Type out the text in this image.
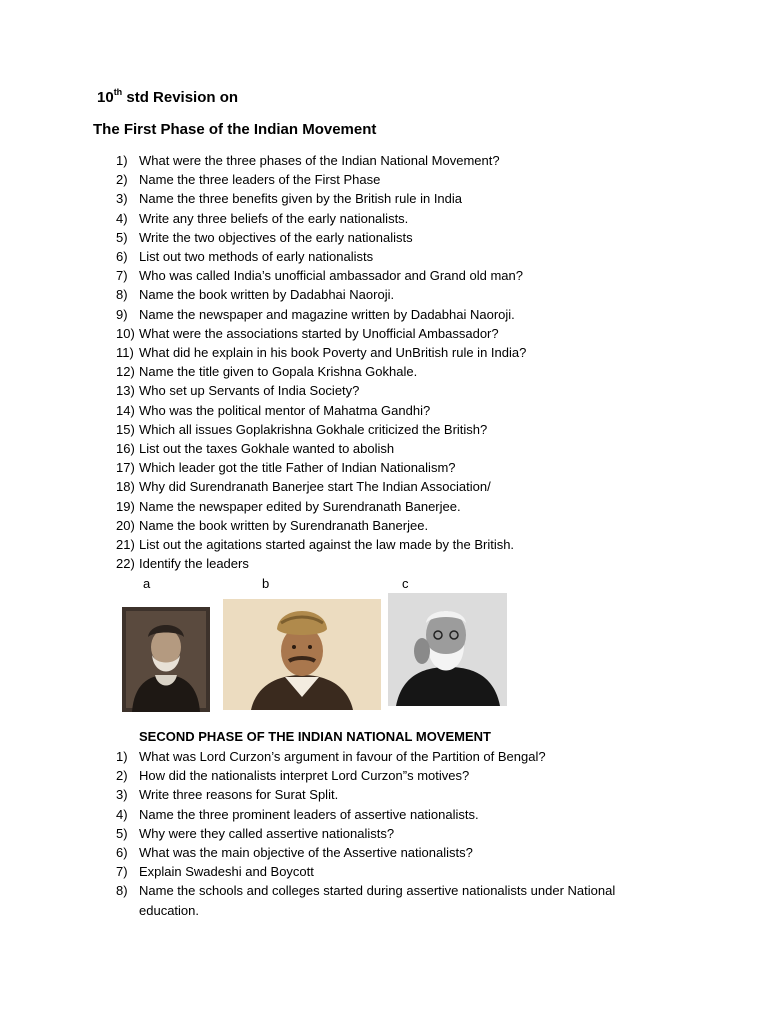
10th std Revision on
The First Phase of the Indian Movement
1) What were the three phases of the Indian National Movement?
2) Name the three leaders of the First Phase
3) Name the three benefits given by the British rule in India
4) Write any three beliefs of the early nationalists.
5) Write the two objectives of the early nationalists
6) List out two methods of early nationalists
7) Who was called India’s unofficial ambassador and Grand old man?
8) Name the book written by Dadabhai Naoroji.
9) Name the newspaper and magazine written by Dadabhai Naoroji.
10) What were the associations started by Unofficial Ambassador?
11) What did he explain in his book Poverty and UnBritish rule in India?
12) Name the title given to Gopala Krishna Gokhale.
13) Who set up Servants of India Society?
14) Who was the political mentor of Mahatma Gandhi?
15) Which all issues Goplakrishna Gokhale criticized the British?
16) List out the taxes Gokhale wanted to abolish
17) Which leader got the title Father of Indian Nationalism?
18) Why did Surendranath Banerjee start The Indian Association/
19) Name the newspaper edited by Surendranath Banerjee.
20) Name the book written by Surendranath Banerjee.
21) List out the agitations started against the law made by the British.
22) Identify the leaders
a	b	c
SECOND PHASE OF THE INDIAN NATIONAL MOVEMENT
1) What was Lord Curzon’s argument in favour of the Partition of Bengal?
2) How did the nationalists interpret Lord Curzon”s motives?
3) Write three reasons for Surat Split.
4) Name the three prominent leaders of assertive nationalists.
5) Why were they called assertive nationalists?
6) What was the main objective of the Assertive nationalists?
7) Explain Swadeshi and Boycott
8) Name the schools and colleges started during assertive nationalists under National education.
